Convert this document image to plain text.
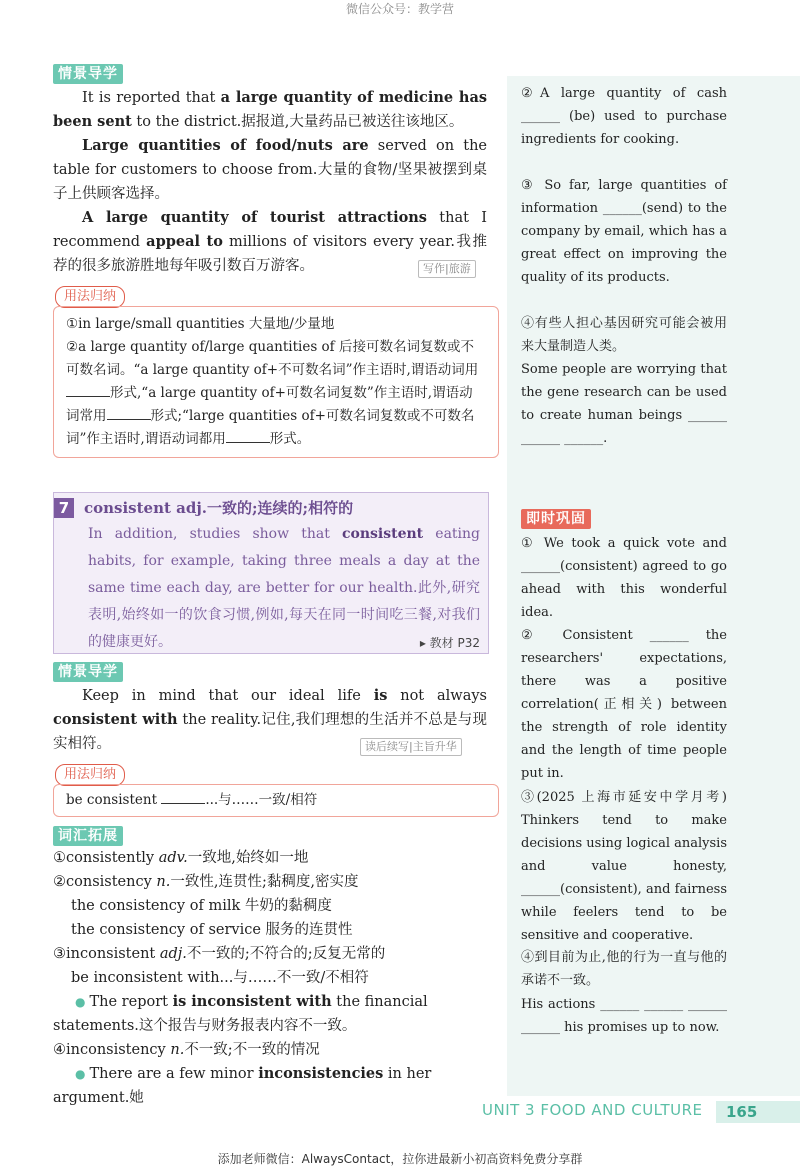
微信公众号：教学营
情景导学
It is reported that a large quantity of medicine has been sent to the district.据报道,大量药品已被送往该地区。
Large quantities of food/nuts are served on the table for customers to choose from.大量的食物/坚果被摆到桌子上供顾客选择。
A large quantity of tourist attractions that I recommend appeal to millions of visitors every year.我推荐的很多旅游胜地每年吸引数百万游客。	写作|旅游
用法归纳
①in large/small quantities 大量地/少量地
②a large quantity of/large quantities of 后接可数名词复数或不可数名词。“a large quantity of+不可数名词”作主语时,谓语动词用形式,“a large quantity of+可数名词复数”作主语时,谓语动词常用	形式;“large quantities of+可数名词复数或不可数名词”作主语时,谓语动词都用	形式。
7 consistent adj.一致的;连续的;相符的
In addition, studies show that consistent eating habits, for example, taking three meals a day at the same time each day, are better for our health.此外,研究表明,始终如一的饮食习惯,例如,每天在同一时间吃三餐,对我们的健康更好。	▸ 教材 P32
情景导学
Keep in mind that our ideal life is not always consistent with the reality.记住,我们理想的生活并不总是与现实相符。	读后续写|主旨升华
用法归纳
be consistent	...与……一致/相符
词汇拓展
①consistently adv.一致地,始终如一地
②consistency n.一致性,连贯性;黏稠度,密实度
the consistency of milk 牛奶的黏稠度
the consistency of service 服务的连贯性
③inconsistent adj.不一致的;不符合的;反复无常的
be inconsistent with...与……不一致/不相符
● The report is inconsistent with the financial statements.这个报告与财务报表内容不一致。
④inconsistency n.不一致;不一致的情况
● There are a few minor inconsistencies in her argument.她
②A large quantity of cash ______ (be) used to purchase ingredients for cooking.
③ So far, large quantities of information ______(send) to the company by email, which has a great effect on improving the quality of its products.
④有些人担心基因研究可能会被用来大量制造人类。
Some people are worrying that the gene research can be used to create human beings ______ ______ ______.
即时巩固
① We took a quick vote and ______(consistent) agreed to go ahead with this wonderful idea.
② Consistent ______ the researchers' expectations, there was a positive correlation(正相关) between the strength of role identity and the length of time people put in.
③(2025 上海市延安中学月考) Thinkers tend to make decisions using logical analysis and value honesty, ______(consistent), and fairness while feelers tend to be sensitive and cooperative.
④到目前为止,他的行为一直与他的承诺不一致。
His actions ______ ______ ______ ______ his promises up to now.
UNIT 3 FOOD AND CULTURE	165
添加老师微信：AlwaysContact，拉你进最新小初高资料免费分享群
